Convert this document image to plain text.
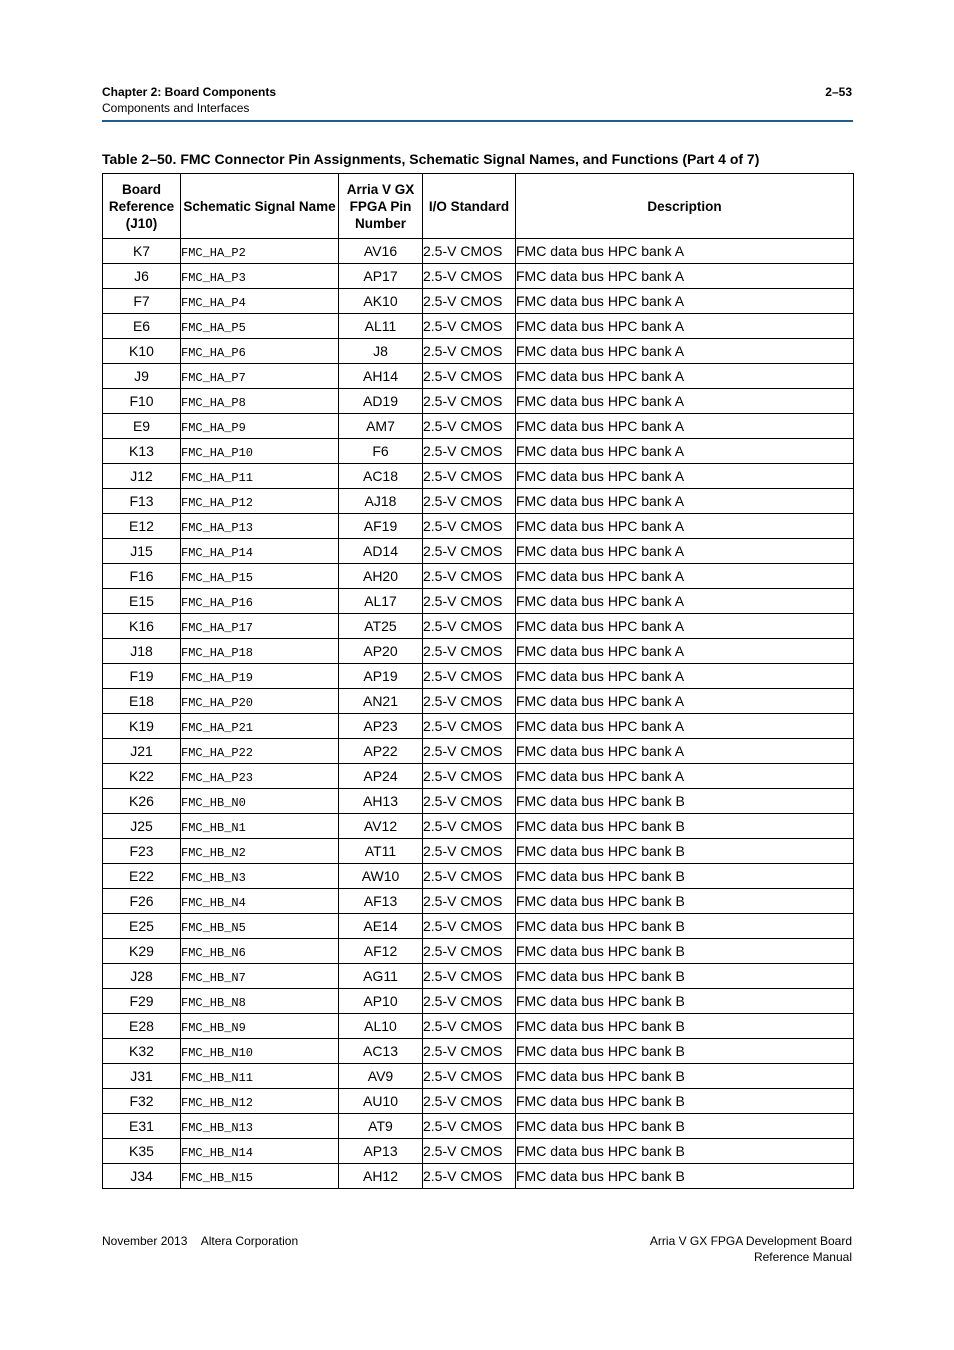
Chapter 2: Board Components
Components and Interfaces
2–53
Table 2–50. FMC Connector Pin Assignments, Schematic Signal Names, and Functions (Part 4 of 7)
Board Reference (J10)	Schematic Signal Name	Arria V GX FPGA Pin Number	I/O Standard	Description
K7	FMC_HA_P2	AV16	2.5-V CMOS	FMC data bus HPC bank A
J6	FMC_HA_P3	AP17	2.5-V CMOS	FMC data bus HPC bank A
F7	FMC_HA_P4	AK10	2.5-V CMOS	FMC data bus HPC bank A
E6	FMC_HA_P5	AL11	2.5-V CMOS	FMC data bus HPC bank A
K10	FMC_HA_P6	J8	2.5-V CMOS	FMC data bus HPC bank A
J9	FMC_HA_P7	AH14	2.5-V CMOS	FMC data bus HPC bank A
F10	FMC_HA_P8	AD19	2.5-V CMOS	FMC data bus HPC bank A
E9	FMC_HA_P9	AM7	2.5-V CMOS	FMC data bus HPC bank A
K13	FMC_HA_P10	F6	2.5-V CMOS	FMC data bus HPC bank A
J12	FMC_HA_P11	AC18	2.5-V CMOS	FMC data bus HPC bank A
F13	FMC_HA_P12	AJ18	2.5-V CMOS	FMC data bus HPC bank A
E12	FMC_HA_P13	AF19	2.5-V CMOS	FMC data bus HPC bank A
J15	FMC_HA_P14	AD14	2.5-V CMOS	FMC data bus HPC bank A
F16	FMC_HA_P15	AH20	2.5-V CMOS	FMC data bus HPC bank A
E15	FMC_HA_P16	AL17	2.5-V CMOS	FMC data bus HPC bank A
K16	FMC_HA_P17	AT25	2.5-V CMOS	FMC data bus HPC bank A
J18	FMC_HA_P18	AP20	2.5-V CMOS	FMC data bus HPC bank A
F19	FMC_HA_P19	AP19	2.5-V CMOS	FMC data bus HPC bank A
E18	FMC_HA_P20	AN21	2.5-V CMOS	FMC data bus HPC bank A
K19	FMC_HA_P21	AP23	2.5-V CMOS	FMC data bus HPC bank A
J21	FMC_HA_P22	AP22	2.5-V CMOS	FMC data bus HPC bank A
K22	FMC_HA_P23	AP24	2.5-V CMOS	FMC data bus HPC bank A
K26	FMC_HB_N0	AH13	2.5-V CMOS	FMC data bus HPC bank B
J25	FMC_HB_N1	AV12	2.5-V CMOS	FMC data bus HPC bank B
F23	FMC_HB_N2	AT11	2.5-V CMOS	FMC data bus HPC bank B
E22	FMC_HB_N3	AW10	2.5-V CMOS	FMC data bus HPC bank B
F26	FMC_HB_N4	AF13	2.5-V CMOS	FMC data bus HPC bank B
E25	FMC_HB_N5	AE14	2.5-V CMOS	FMC data bus HPC bank B
K29	FMC_HB_N6	AF12	2.5-V CMOS	FMC data bus HPC bank B
J28	FMC_HB_N7	AG11	2.5-V CMOS	FMC data bus HPC bank B
F29	FMC_HB_N8	AP10	2.5-V CMOS	FMC data bus HPC bank B
E28	FMC_HB_N9	AL10	2.5-V CMOS	FMC data bus HPC bank B
K32	FMC_HB_N10	AC13	2.5-V CMOS	FMC data bus HPC bank B
J31	FMC_HB_N11	AV9	2.5-V CMOS	FMC data bus HPC bank B
F32	FMC_HB_N12	AU10	2.5-V CMOS	FMC data bus HPC bank B
E31	FMC_HB_N13	AT9	2.5-V CMOS	FMC data bus HPC bank B
K35	FMC_HB_N14	AP13	2.5-V CMOS	FMC data bus HPC bank B
J34	FMC_HB_N15	AH12	2.5-V CMOS	FMC data bus HPC bank B
November 2013 Altera Corporation	Arria V GX FPGA Development Board
Reference Manual
